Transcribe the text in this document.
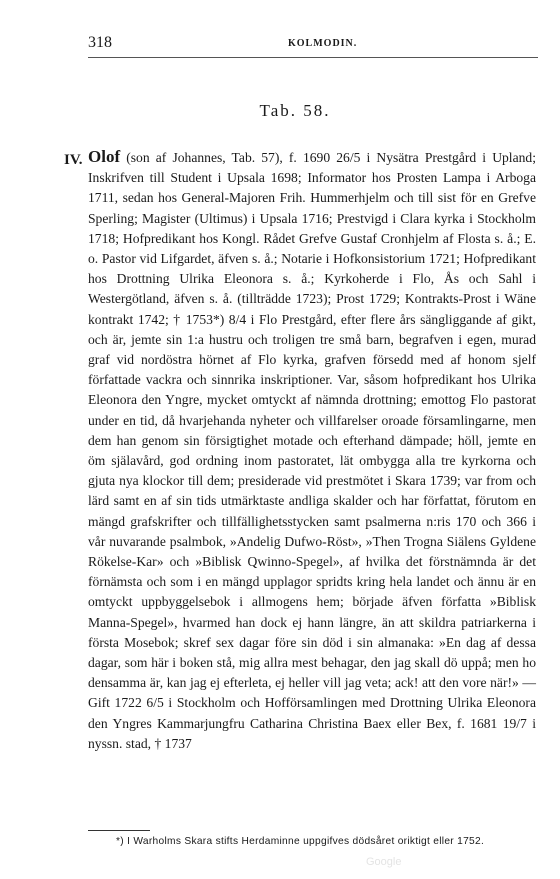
318	KOLMODIN.
Tab. 58.
IV. Olof (son af Johannes, Tab. 57), f. 1690 26/5 i Nysätra Prestgård i Upland; Inskrifven till Student i Upsala 1698; Informator hos Prosten Lampa i Arboga 1711, sedan hos General-Majoren Frih. Hummerhjelm och till sist för en Grefve Sperling; Magister (Ultimus) i Upsala 1716; Prestvigd i Clara kyrka i Stockholm 1718; Hofpredikant hos Kongl. Rådet Grefve Gustaf Cronhjelm af Flosta s. å.; E. o. Pastor vid Lifgardet, äfven s. å.; Notarie i Hofkonsistorium 1721; Hofpredikant hos Drottning Ulrika Eleonora s. å.; Kyrkoherde i Flo, Ås och Sahl i Westergötland, äfven s. å. (tillträdde 1723); Prost 1729; Kontrakts-Prost i Wäne kontrakt 1742; † 1753*) 8/4 i Flo Prestgård, efter flere års sängliggande af gikt, och är, jemte sin 1:a hustru och troligen tre små barn, begrafven i egen, murad graf vid nordöstra hörnet af Flo kyrka, grafven försedd med af honom sjelf författade vackra och sinnrika inskriptioner. Var, såsom hofpredikant hos Ulrika Eleonora den Yngre, mycket omtyckt af nämnda drottning; emottog Flo pastorat under en tid, då hvarjehanda nyheter och villfarelser oroade församlingarne, men dem han genom sin försigtighet motade och efterhand dämpade; höll, jemte en öm själavård, god ordning inom pastoratet, lät ombygga alla tre kyrkorna och gjuta nya klockor till dem; presiderade vid prestmötet i Skara 1739; var from och lärd samt en af sin tids utmärktaste andliga skalder och har författat, förutom en mängd grafskrifter och tillfällighetsstycken samt psalmerna n:ris 170 och 366 i vår nuvarande psalmbok, »Andelig Dufwo-Röst», »Then Trogna Siälens Gyldene Rökelse-Kar» och »Biblisk Qwinno-Spegel», af hvilka det förstnämnda är det förnämsta och som i en mängd upplagor spridts kring hela landet och ännu är en omtyckt uppbyggelsebok i allmogens hem; började äfven författa »Biblisk Manna-Spegel», hvarmed han dock ej hann längre, än att skildra patriarkerna i första Mosebok; skref sex dagar före sin död i sin almanaka: »En dag af dessa dagar, som här i boken stå, mig allra mest behagar, den jag skall dö uppå; men ho densamma är, kan jag ej efterleta, ej heller vill jag veta; ack! att den vore när!» — Gift 1722 6/5 i Stockholm och Hofförsamlingen med Drottning Ulrika Eleonora den Yngres Kammarjungfru Catharina Christina Baex eller Bex, f. 1681 19/7 i nyssn. stad, † 1737

*) I Warholms Skara stifts Herdaminne uppgifves dödsåret oriktigt eller 1752.
Google
